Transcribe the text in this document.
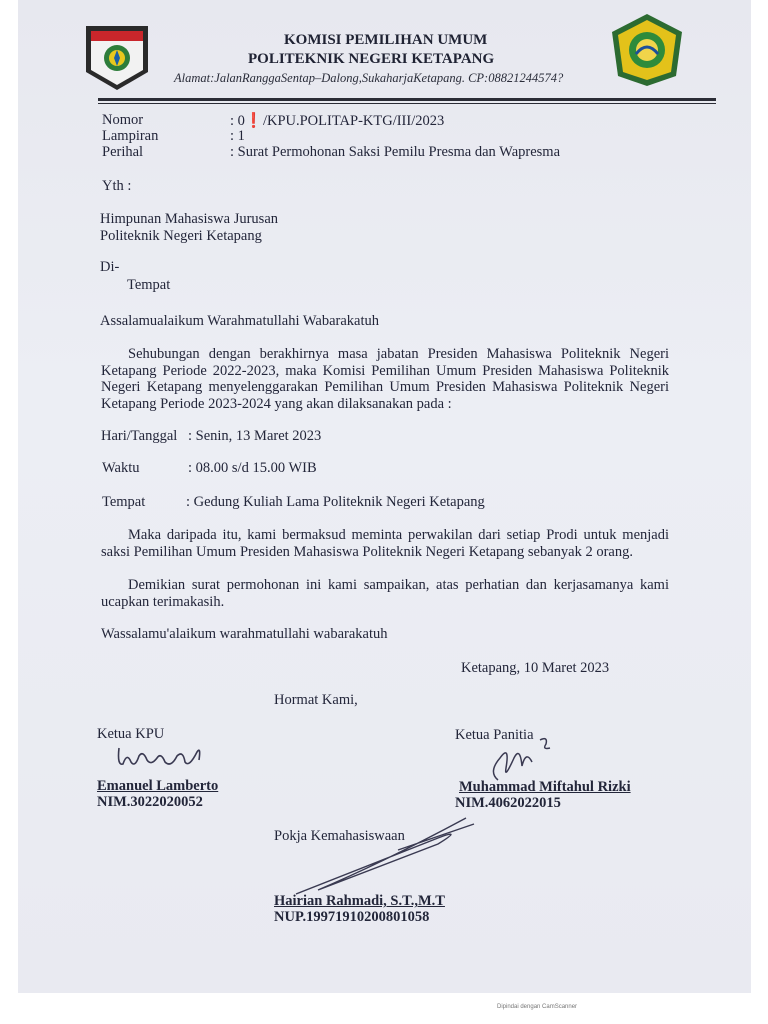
KOMISI PEMILIHAN UMUM
POLITEKNIK NEGERI KETAPANG
Alamat:JalanRanggaSentap–Dalong,SukaharjaKetapang. CP:08821244574?
Nomor	: 0❗/KPU.POLITAP-KTG/III/2023
Lampiran	: 1
Perihal	: Surat Permohonan Saksi Pemilu Presma dan Wapresma
Yth :
Himpunan Mahasiswa Jurusan
Politeknik Negeri Ketapang
Di-
Tempat
Assalamualaikum Warahmatullahi Wabarakatuh
Sehubungan dengan berakhirnya masa jabatan Presiden Mahasiswa Politeknik Negeri Ketapang Periode 2022-2023, maka Komisi Pemilihan Umum Presiden Mahasiswa Politeknik Negeri Ketapang menyelenggarakan Pemilihan Umum Presiden Mahasiswa Politeknik Negeri Ketapang Periode 2023-2024 yang akan dilaksanakan pada :
Hari/Tanggal : Senin, 13 Maret 2023
Waktu	: 08.00 s/d 15.00 WIB
Tempat	: Gedung Kuliah Lama Politeknik Negeri Ketapang
Maka daripada itu, kami bermaksud meminta perwakilan dari setiap Prodi untuk menjadi saksi Pemilihan Umum Presiden Mahasiswa Politeknik Negeri Ketapang sebanyak 2 orang.
Demikian surat permohonan ini kami sampaikan, atas perhatian dan kerjasamanya kami ucapkan terimakasih.
Wassalamu'alaikum warahmatullahi wabarakatuh
Ketapang, 10 Maret 2023
Hormat Kami,
Ketua KPU
Emanuel Lamberto
NIM.3022020052
Ketua Panitia
Muhammad Miftahul Rizki
NIM.4062022015
Pokja Kemahasiswaan
Hairian Rahmadi, S.T.,M.T
NUP.19971910200801058
Dipindai dengan CamScanner
